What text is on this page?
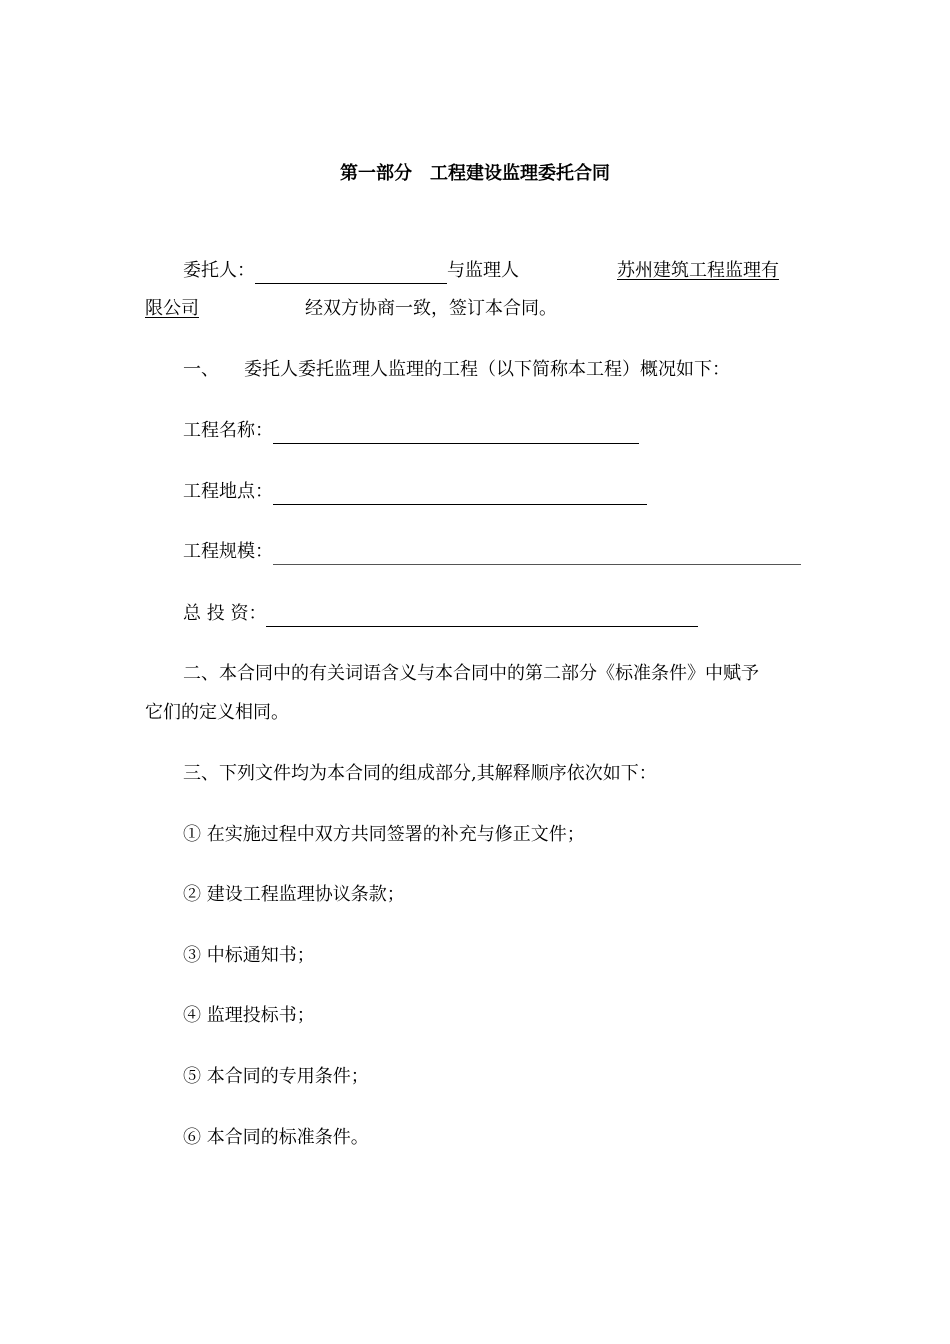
第一部分　工程建设监理委托合同
委托人：	与监理人	苏州建筑工程监理有
限公司	经双方协商一致，签订本合同。
一、 委托人委托监理人监理的工程（以下简称本工程）概况如下：
工程名称：
工程地点：
工程规模：
总 投 资：
二、本合同中的有关词语含义与本合同中的第二部分《标准条件》中赋予
它们的定义相同。
三、下列文件均为本合同的组成部分,其解释顺序依次如下：
① 在实施过程中双方共同签署的补充与修正文件；
② 建设工程监理协议条款；
③ 中标通知书；
④ 监理投标书；
⑤ 本合同的专用条件；
⑥ 本合同的标准条件。
